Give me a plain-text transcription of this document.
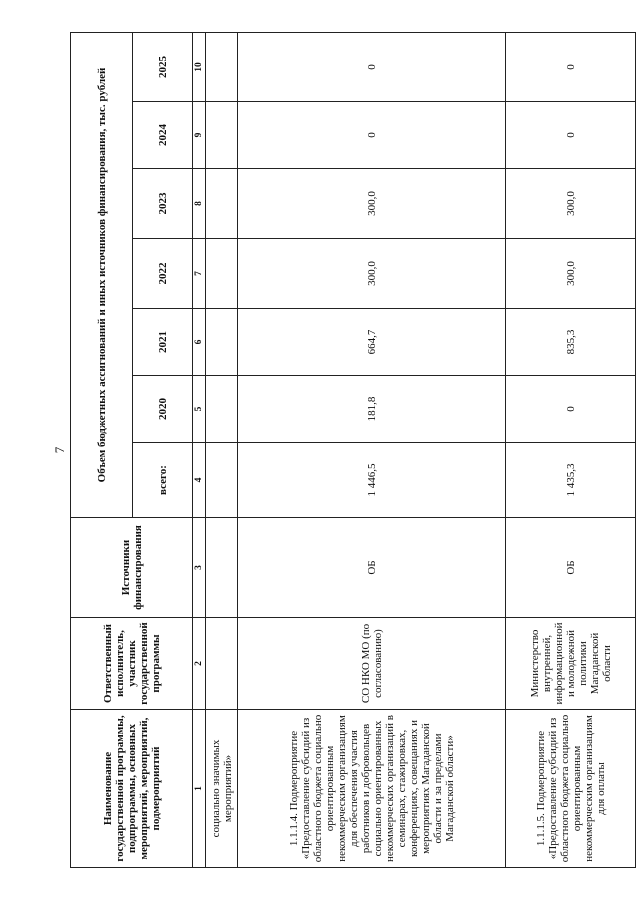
7
Наименование государственной программы, подпрограммы, основных мероприятий, мероприятий, подмероприятий	Ответственный исполнитель, участник государственной программы	Источники финансирования	Объем бюджетных ассигнований и иных источников финансирования, тыс. рублей						
			всего:	2020	2021	2022	2023	2024	2025
1	2	3	4	5	6	7	8	9	10
социально значимых мероприятий»									
1.1.1.4. Подмероприятие «Предоставление субсидий из областного бюджета социально ориентированным некоммерческим организациям для обеспечения участия работников и добровольцев социально ориентированных некоммерческих организаций в семинарах, стажировках, конференциях, совещаниях и мероприятиях Магаданской области и за пределами Магаданской области»	СО НКО МО (по согласованию)	ОБ	1 446,5	181,8	664,7	300,0	300,0	0	0
1.1.1.5. Подмероприятие «Предоставление субсидий из областного бюджета социально ориентированным некоммерческим организациям для оплаты	Министерство внутренней, информационной и молодежной политики Магаданской области	ОБ	1 435,3	0	835,3	300,0	300,0	0	0
